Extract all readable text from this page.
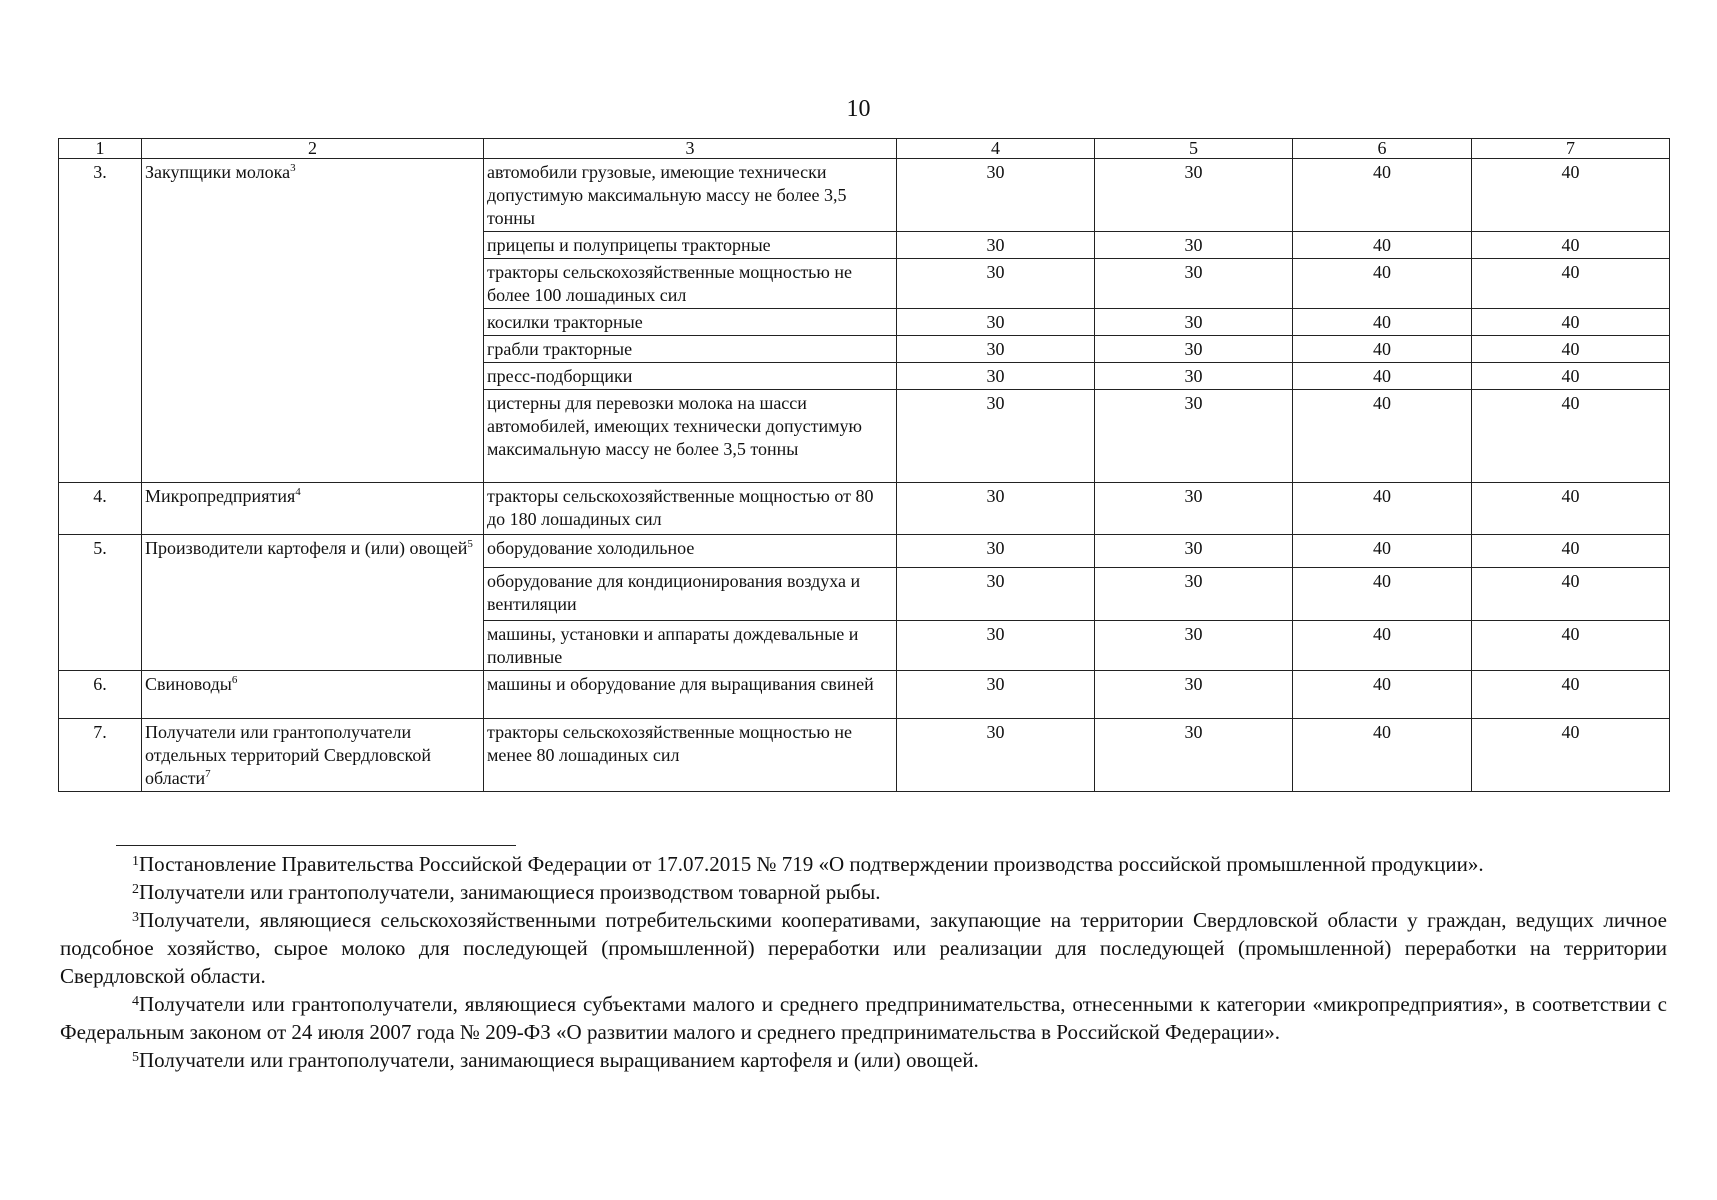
10
1	2	3	4	5	6	7
3.	Закупщики молока$^3$	автомобили грузовые, имеющие технически допустимую максимальную массу не более 3,5 тонны	30	30	40	40
		прицепы и полуприцепы тракторные	30	30	40	40
		тракторы сельскохозяйственные мощностью не более 100 лошадиных сил	30	30	40	40
		косилки тракторные	30	30	40	40
		грабли тракторные	30	30	40	40
		пресс-подборщики	30	30	40	40
		цистерны для перевозки молока на шасси автомобилей, имеющих технически допустимую максимальную массу не более 3,5 тонны	30	30	40	40
4.	Микропредприятия$^4$	тракторы сельскохозяйственные мощностью от 80 до 180 лошадиных сил	30	30	40	40
5.	Производители картофеля и (или) овощей$^5$	оборудование холодильное	30	30	40	40
		оборудование для кондиционирования воздуха и вентиляции	30	30	40	40
		машины, установки и аппараты дождевальные и поливные	30	30	40	40
6.	Свиноводы$^6$	машины и оборудование для выращивания свиней	30	30	40	40
7.	Получатели или грантополучатели отдельных территорий Свердловской области$^7$	тракторы сельскохозяйственные мощностью не менее 80 лошадиных сил	30	30	40	40

$^1$Постановление Правительства Российской Федерации от 17.07.2015 № 719 «О подтверждении производства российской промышленной продукции».

$^2$Получатели или грантополучатели, занимающиеся производством товарной рыбы.

$^3$Получатели, являющиеся сельскохозяйственными потребительскими кооперативами, закупающие на территории Свердловской области у граждан, ведущих личное подсобное хозяйство, сырое молоко для последующей (промышленной) переработки или реализации для последующей (промышленной) переработки на территории Свердловской области.

$^4$Получатели или грантополучатели, являющиеся субъектами малого и среднего предпринимательства, отнесенными к категории «микропредприятия», в соответствии с Федеральным законом от 24 июля 2007 года № 209-ФЗ «О развитии малого и среднего предпринимательства в Российской Федерации».

$^5$Получатели или грантополучатели, занимающиеся выращиванием картофеля и (или) овощей.
